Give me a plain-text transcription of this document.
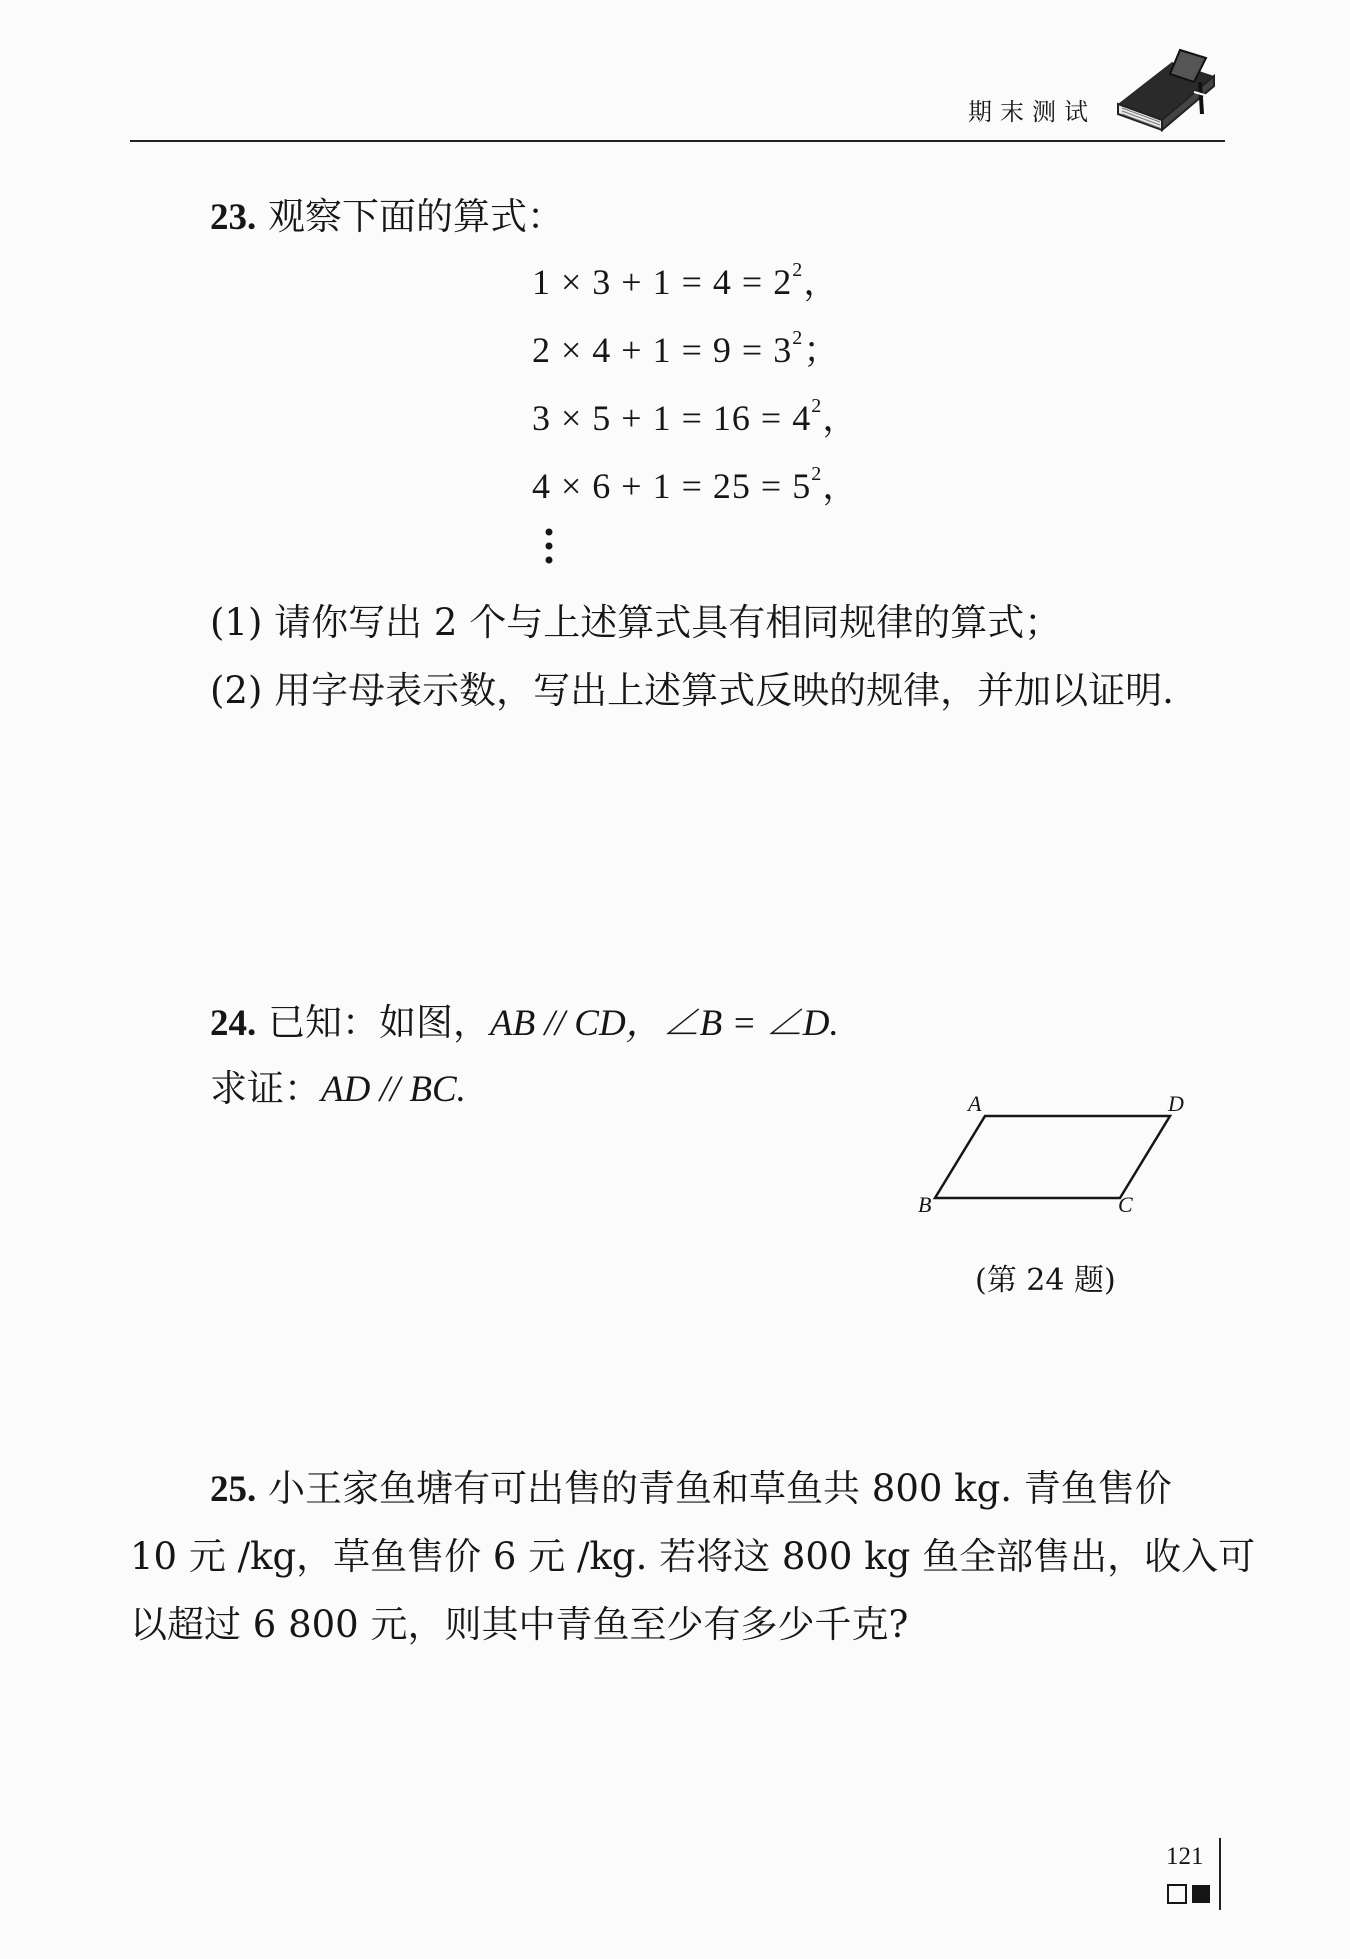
期末测试
23. 观察下面的算式：
$1 \times 3 + 1 = 4 = 2^2$，
$2 \times 4 + 1 = 9 = 3^2$；
$3 \times 5 + 1 = 16 = 4^2$，
$4 \times 6 + 1 = 25 = 5^2$，
(1) 请你写出 2 个与上述算式具有相同规律的算式；
(2) 用字母表示数，写出上述算式反映的规律，并加以证明.
24. 已知：如图，AB // CD，∠B = ∠D.
求证：AD // BC.	A	D
B	C
(第 24 题)
25. 小王家鱼塘有可出售的青鱼和草鱼共 800 kg. 青鱼售价
10 元 /kg，草鱼售价 6 元 /kg. 若将这 800 kg 鱼全部售出，收入可
以超过 6 800 元，则其中青鱼至少有多少千克?
121
